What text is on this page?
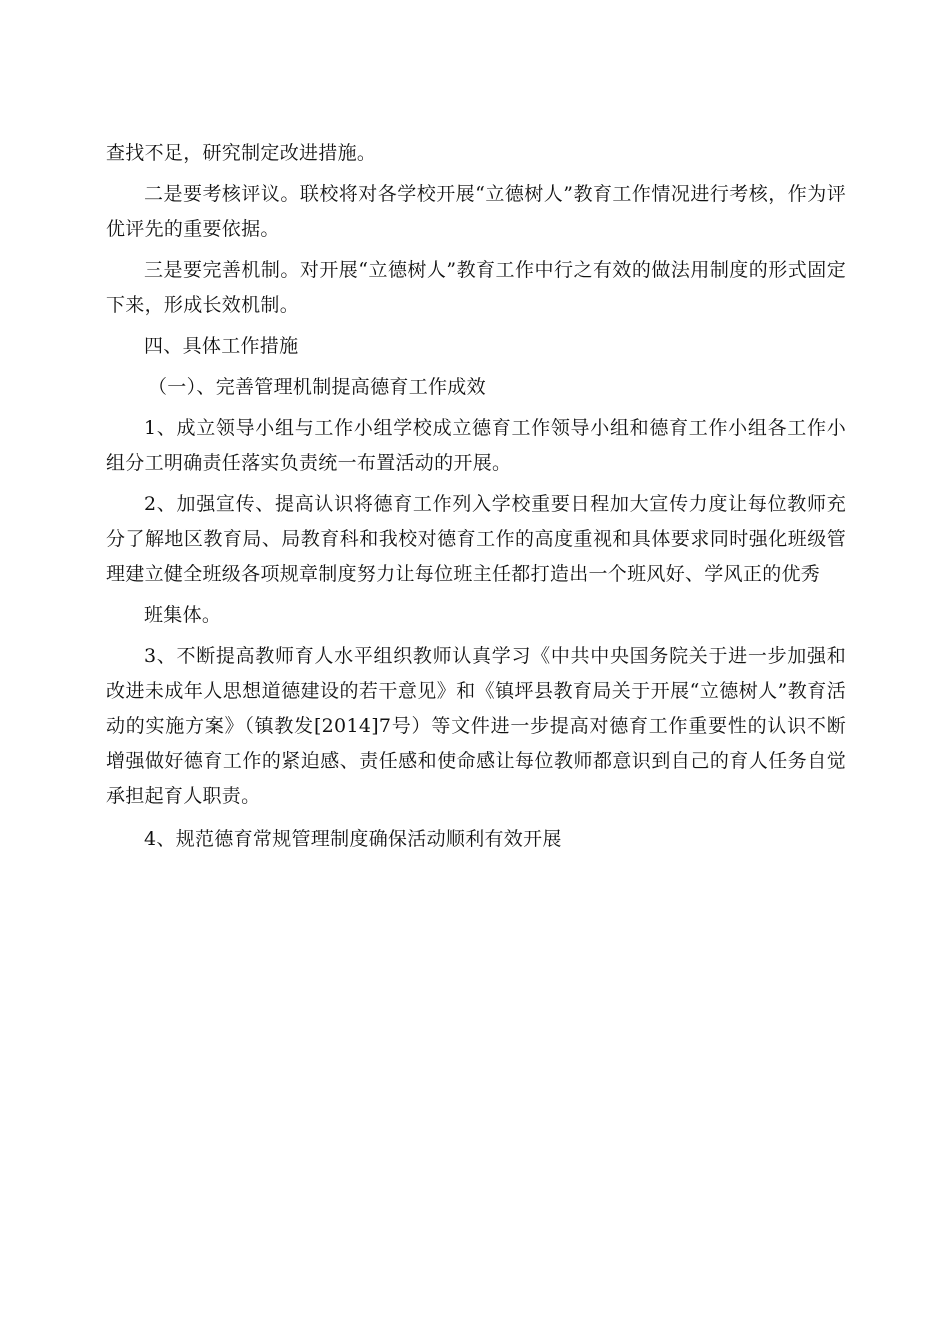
查找不足，研究制定改进措施。

二是要考核评议。联校将对各学校开展“立德树人”教育工作情况进行考核，作为评优评先的重要依据。

三是要完善机制。对开展“立德树人”教育工作中行之有效的做法用制度的形式固定下来，形成长效机制。

四、具体工作措施

（一）、完善管理机制提高德育工作成效

1、成立领导小组与工作小组学校成立德育工作领导小组和德育工作小组各工作小组分工明确责任落实负责统一布置活动的开展。

2、加强宣传、提高认识将德育工作列入学校重要日程加大宣传力度让每位教师充分了解地区教育局、局教育科和我校对德育工作的高度重视和具体要求同时强化班级管理建立健全班级各项规章制度努力让每位班主任都打造出一个班风好、学风正的优秀

班集体。

3、不断提高教师育人水平组织教师认真学习《中共中央国务院关于进一步加强和改进未成年人思想道德建设的若干意见》和《镇坪县教育局关于开展“立德树人”教育活动的实施方案》（镇教发[2014]7号）等文件进一步提高对德育工作重要性的认识不断增强做好德育工作的紧迫感、责任感和使命感让每位教师都意识到自己的育人任务自觉承担起育人职责。

4、规范德育常规管理制度确保活动顺利有效开展
